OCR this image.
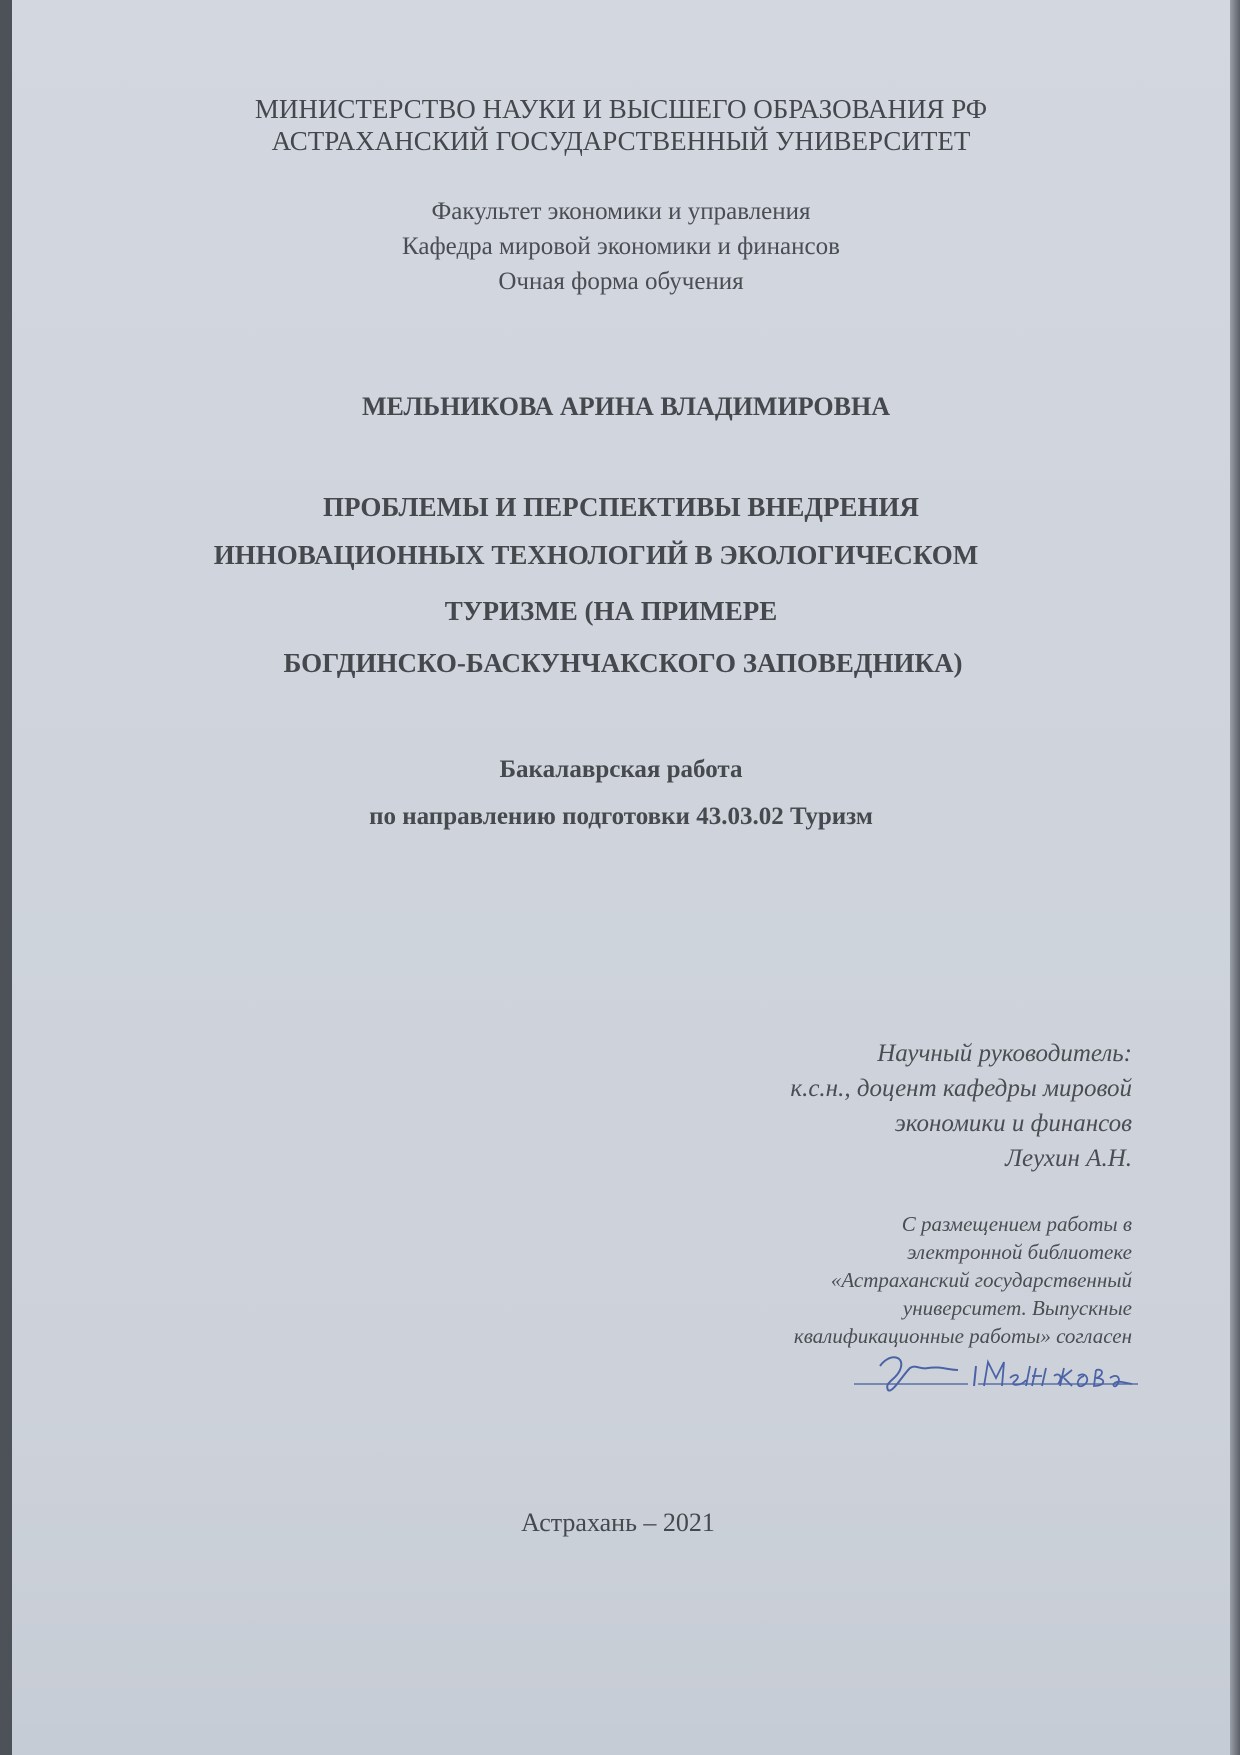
МИНИСТЕРСТВО НАУКИ И ВЫСШЕГО ОБРАЗОВАНИЯ РФ
АСТРАХАНСКИЙ ГОСУДАРСТВЕННЫЙ УНИВЕРСИТЕТ
Факультет экономики и управления
Кафедра мировой экономики и финансов
Очная форма обучения
МЕЛЬНИКОВА АРИНА ВЛАДИМИРОВНА
ПРОБЛЕМЫ И ПЕРСПЕКТИВЫ ВНЕДРЕНИЯ
ИННОВАЦИОННЫХ ТЕХНОЛОГИЙ В ЭКОЛОГИЧЕСКОМ
ТУРИЗМЕ (НА ПРИМЕРЕ
БОГДИНСКО-БАСКУНЧАКСКОГО ЗАПОВЕДНИКА)
Бакалаврская работа
по направлению подготовки 43.03.02 Туризм
Научный руководитель:
к.с.н., доцент кафедры мировой
экономики и финансов
Леухин А.Н.
С размещением работы в
электронной библиотеке
«Астраханский государственный
университет. Выпускные
квалификационные работы» согласен
Астрахань – 2021
